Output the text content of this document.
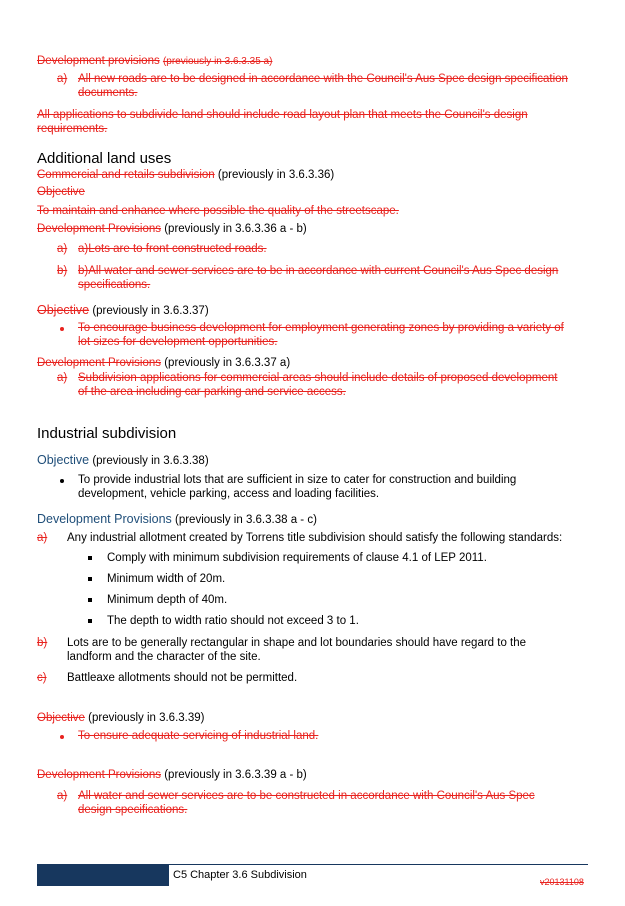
Development provisions (previously in 3.6.3.35 a)
a) All new roads are to be designed in accordance with the Council's Aus Spec design specification
documents.
All applications to subdivide land should include road layout plan that meets the Council's design
requirements.
Additional land uses
Commercial and retails subdivision (previously in 3.6.3.36)
Objective
To maintain and enhance where possible the quality of the streetscape.
Development Provisions (previously in 3.6.3.36 a - b)
a) a)Lots are to front constructed roads.
b) b)All water and sewer services are to be in accordance with current Council's Aus Spec design
specifications.
Objective (previously in 3.6.3.37)
To encourage business development for employment generating zones by providing a variety of
lot sizes for development opportunities.
Development Provisions (previously in 3.6.3.37 a)
a) Subdivision applications for commercial areas should include details of proposed development
of the area including car parking and service access.
Industrial subdivision
Objective (previously in 3.6.3.38)
To provide industrial lots that are sufficient in size to cater for construction and building
development, vehicle parking, access and loading facilities.
Development Provisions (previously in 3.6.3.38 a - c)
a) Any industrial allotment created by Torrens title subdivision should satisfy the following standards:
Comply with minimum subdivision requirements of clause 4.1 of LEP 2011.
Minimum width of 20m.
Minimum depth of 40m.
The depth to width ratio should not exceed 3 to 1.
b) Lots are to be generally rectangular in shape and lot boundaries should have regard to the
landform and the character of the site.
c) Battleaxe allotments should not be permitted.
Objective (previously in 3.6.3.39)
To ensure adequate servicing of industrial land.
Development Provisions (previously in 3.6.3.39 a - b)
a) All water and sewer services are to be constructed in accordance with Council's Aus Spec
design specifications.
C5 Chapter 3.6 Subdivision
v20131108
